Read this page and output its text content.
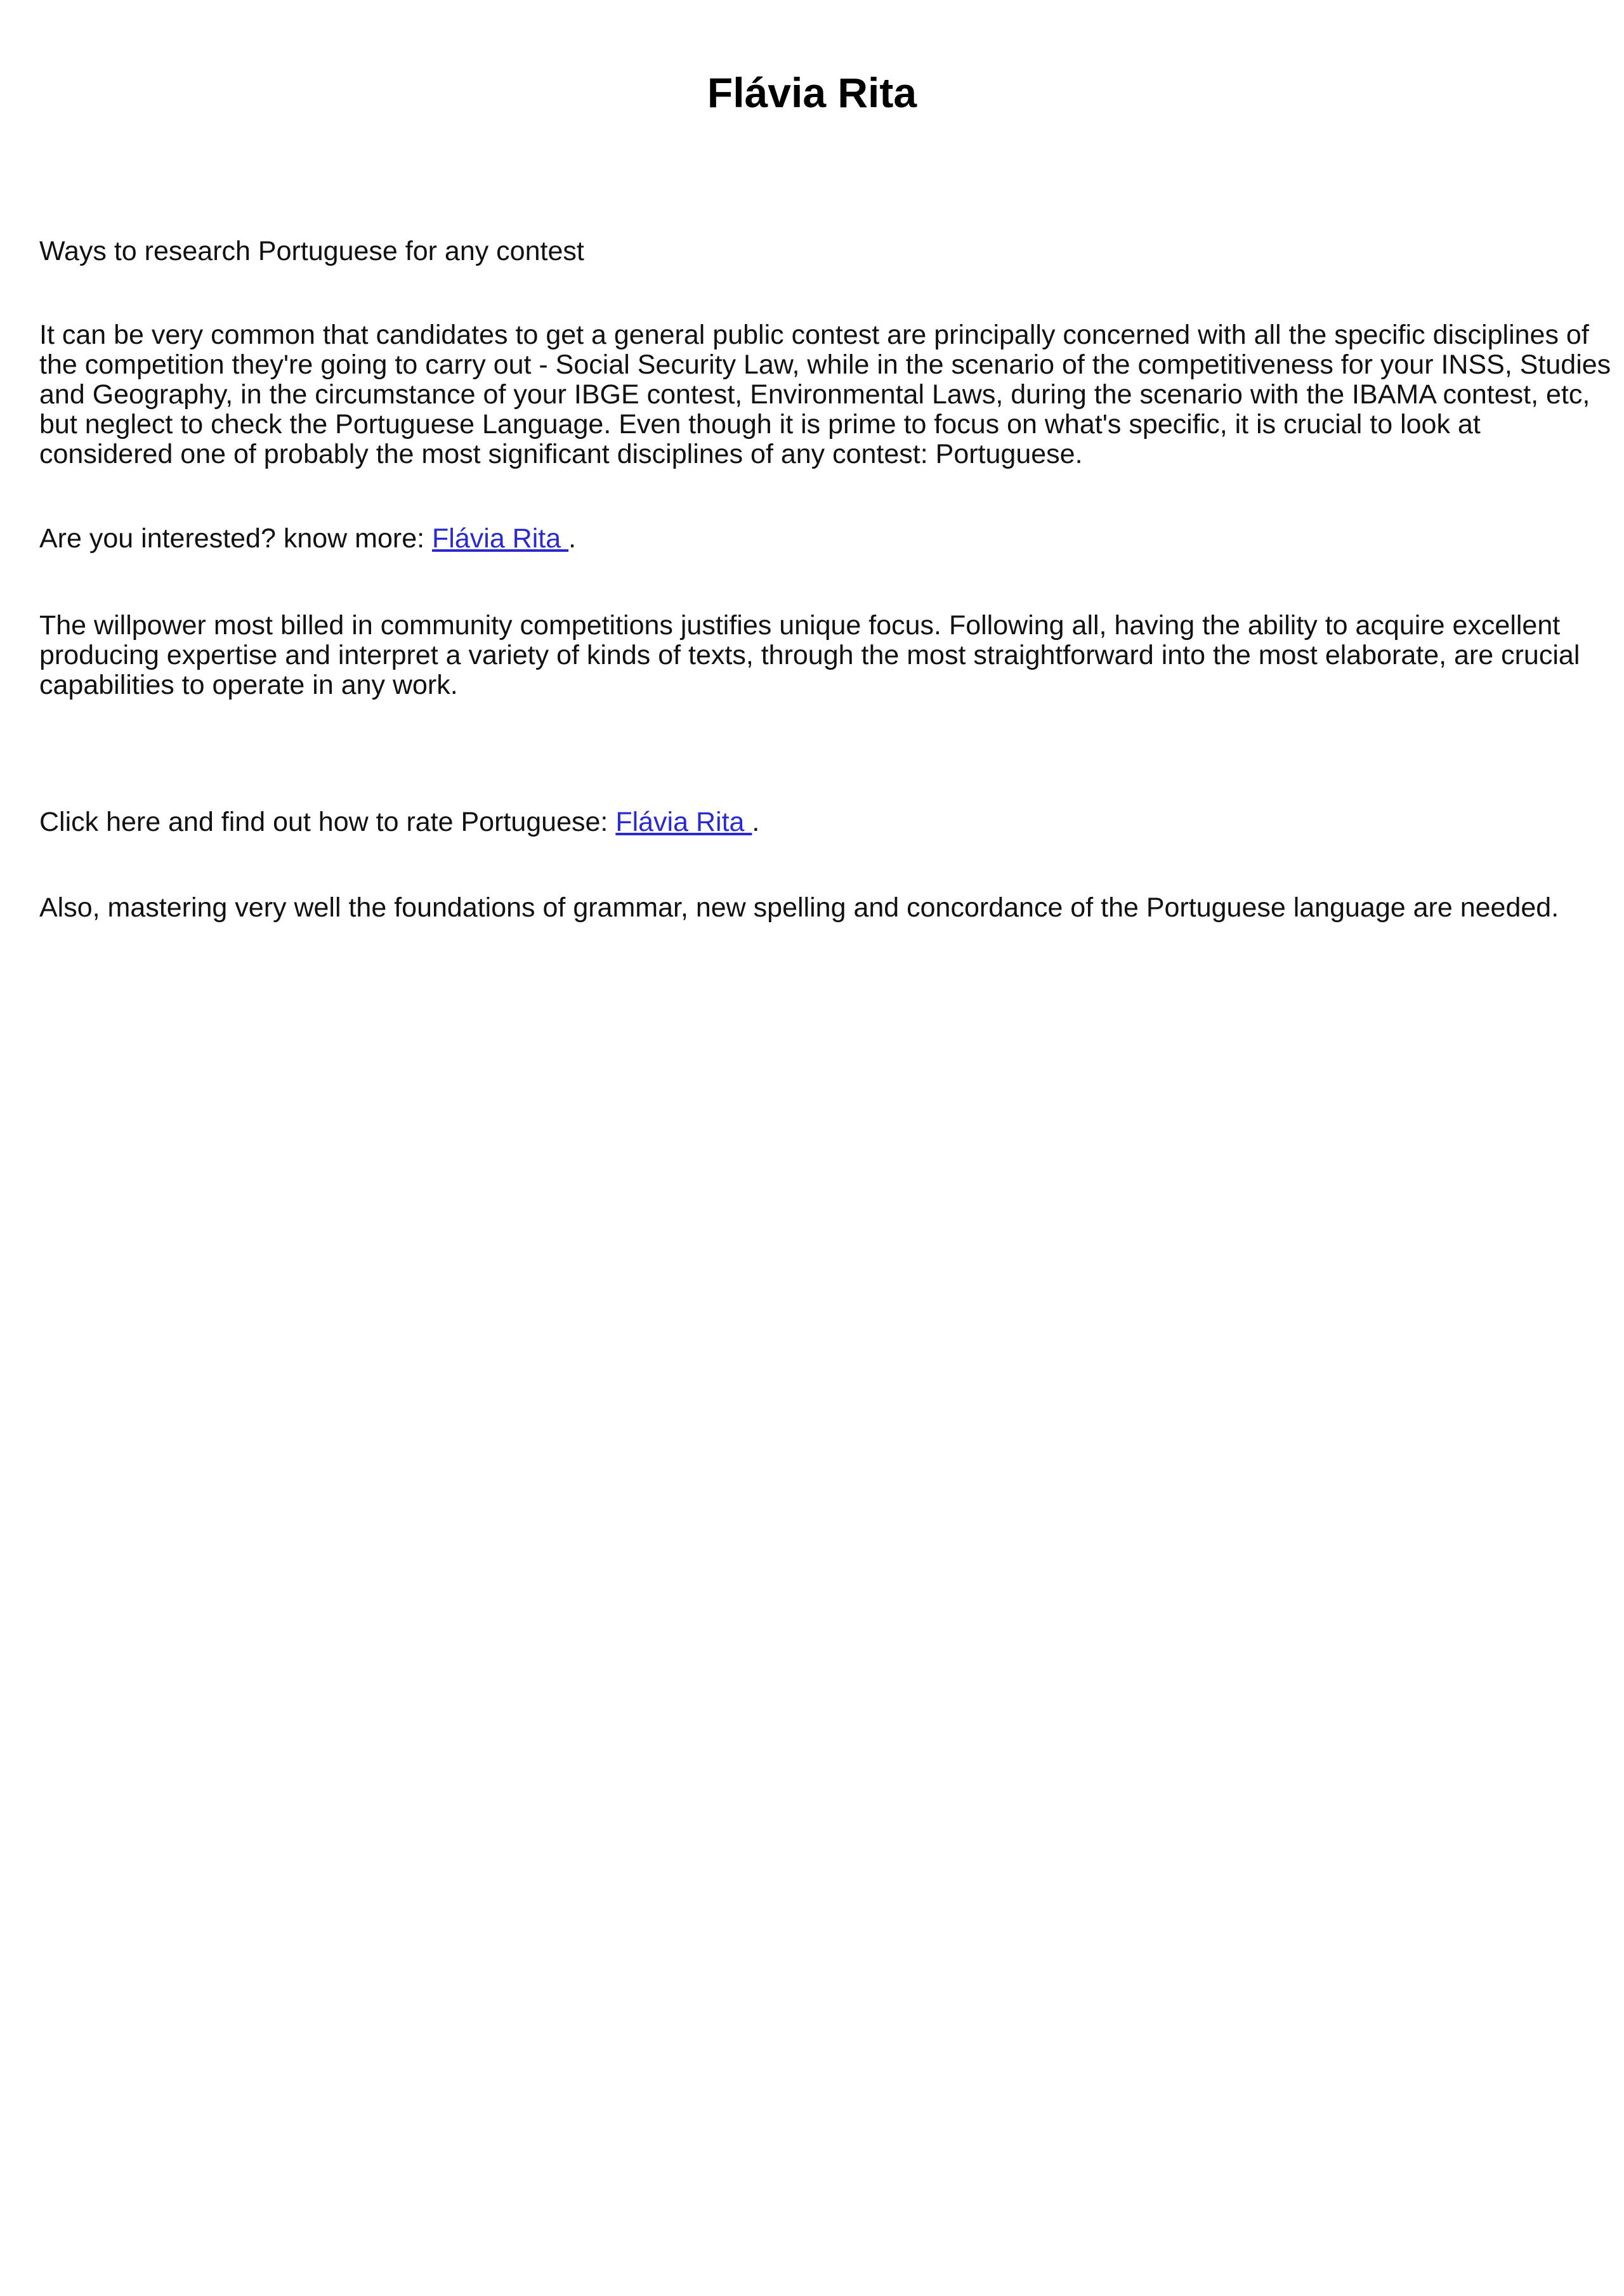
Flávia Rita

Ways to research Portuguese for any contest

It can be very common that candidates to get a general public contest are principally concerned with all the specific disciplines of the competition they're going to carry out - Social Security Law, while in the scenario of the competitiveness for your INSS, Studies and Geography, in the circumstance of your IBGE contest, Environmental Laws, during the scenario with the IBAMA contest, etc, but neglect to check the Portuguese Language. Even though it is prime to focus on what's specific, it is crucial to look at considered one of probably the most significant disciplines of any contest: Portuguese.

Are you interested? know more: Flávia Rita .

The willpower most billed in community competitions justifies unique focus. Following all, having the ability to acquire excellent producing expertise and interpret a variety of kinds of texts, through the most straightforward into the most elaborate, are crucial capabilities to operate in any work.

Click here and find out how to rate Portuguese: Flávia Rita .

Also, mastering very well the foundations of grammar, new spelling and concordance of the Portuguese language are needed.
